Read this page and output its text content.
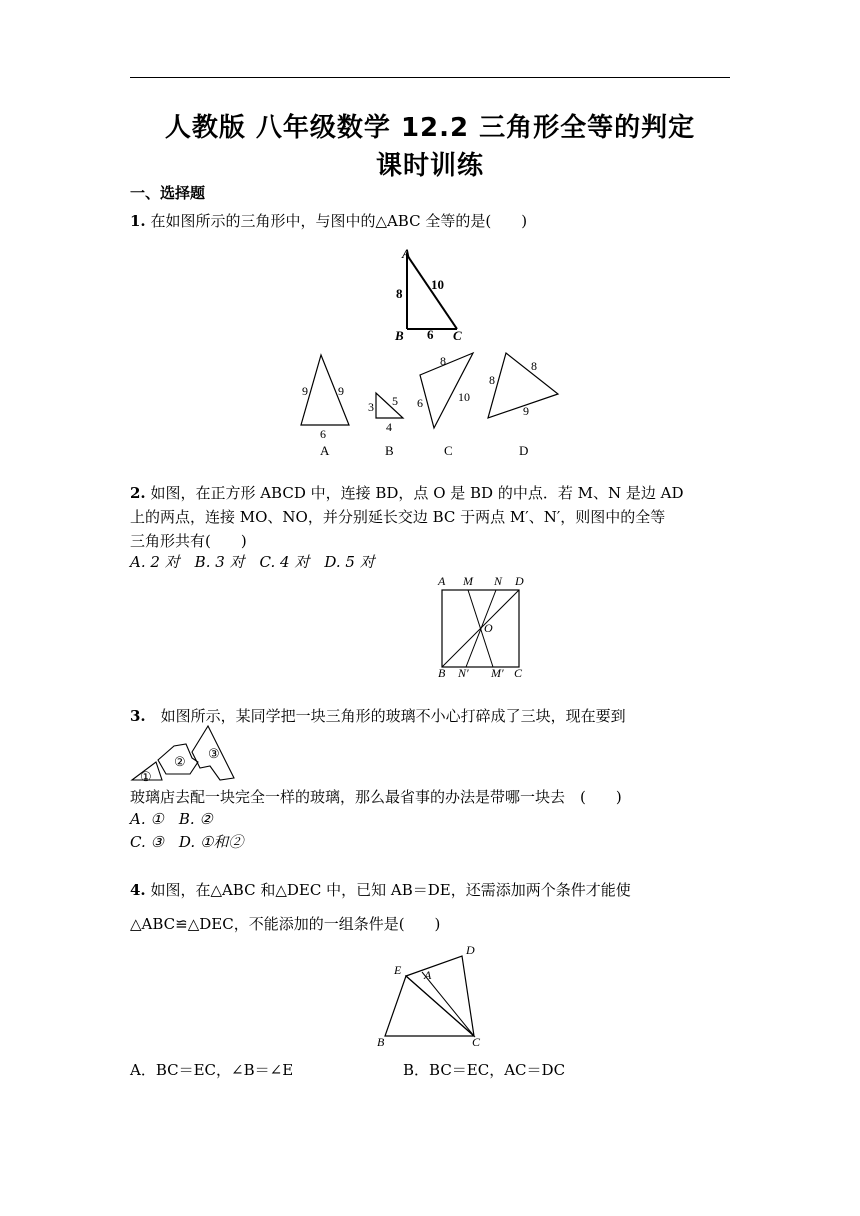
人教版 八年级数学 12.2 三角形全等的判定
课时训练
一、选择题
1. 在如图所示的三角形中，与图中的△ABC 全等的是(　　)
A
B	C
8
10
6
9	9
6
A
3 5
4
B
8
6	10
C
8
8
9
D
2. 如图，在正方形 ABCD 中，连接 BD，点 O 是 BD 的中点．若 M、N 是边 AD
上的两点，连接 MO、NO，并分别延长交边 BC 于两点 M′、N′，则图中的全等
三角形共有(　　)
A. 2 对　B. 3 对　C. 4 对　D. 5 对
A M N D
O
B N′ M′ C
3.　如图所示，某同学把一块三角形的玻璃不小心打碎成了三块，现在要到
①
②
③
玻璃店去配一块完全一样的玻璃，那么最省事的办法是带哪一块去　(　　)
A. ①　B. ②
C. ③　D. ①和②
4. 如图，在△ABC 和△DEC 中，已知 AB＝DE，还需添加两个条件才能使
△ABC≌△DEC，不能添加的一组条件是(　　)
E A
D
B	C
A．BC＝EC，∠B＝∠E	B．BC＝EC，AC＝DC
